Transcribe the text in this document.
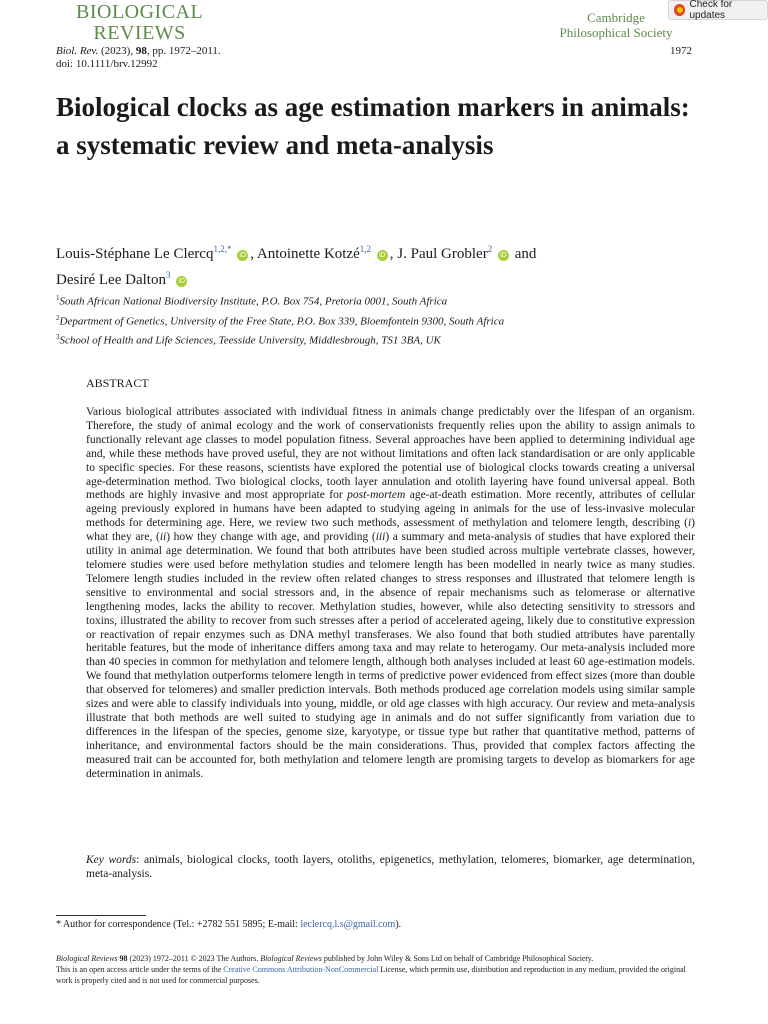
BIOLOGICAL
REVIEWS
Cambridge
Philosophical Society
Check for updates
Biol. Rev. (2023), 98, pp. 1972–2011.
doi: 10.1111/brv.12992
1972
Biological clocks as age estimation markers in animals: a systematic review and meta-analysis
Louis-Stéphane Le Clercq$^{1,2,*}$ iD , Antoinette Kotzé$^{1,2}$ iD , J. Paul Grobler$^2$ iD and
Desiré Lee Dalton$^3$ iD
$^1$South African National Biodiversity Institute, P.O. Box 754, Pretoria 0001, South Africa
$^2$Department of Genetics, University of the Free State, P.O. Box 339, Bloemfontein 9300, South Africa
$^3$School of Health and Life Sciences, Teesside University, Middlesbrough, TS1 3BA, UK
ABSTRACT

Various biological attributes associated with individual fitness in animals change predictably over the lifespan of an organism. Therefore, the study of animal ecology and the work of conservationists frequently relies upon the ability to assign animals to functionally relevant age classes to model population fitness. Several approaches have been applied to determining individual age and, while these methods have proved useful, they are not without limitations and often lack standardisation or are only applicable to specific species. For these reasons, scientists have explored the potential use of biological clocks towards creating a universal age-determination method. Two biological clocks, tooth layer annulation and otolith layering have found universal appeal. Both methods are highly invasive and most appropriate for post-mortem age-at-death estimation. More recently, attributes of cellular ageing previously explored in humans have been adapted to studying ageing in animals for the use of less-invasive molecular methods for determining age. Here, we review two such methods, assessment of methylation and telomere length, describing (i) what they are, (ii) how they change with age, and providing (iii) a summary and meta-analysis of studies that have explored their utility in animal age determination. We found that both attributes have been studied across multiple vertebrate classes, however, telomere studies were used before methylation studies and telomere length has been modelled in nearly twice as many studies. Telomere length studies included in the review often related changes to stress responses and illustrated that telomere length is sensitive to environmental and social stressors and, in the absence of repair mechanisms such as telomerase or alternative lengthening modes, lacks the ability to recover. Methylation studies, however, while also detecting sensitivity to stressors and toxins, illustrated the ability to recover from such stresses after a period of accelerated ageing, likely due to constitutive expression or reactivation of repair enzymes such as DNA methyl transferases. We also found that both studied attributes have parentally heritable features, but the mode of inheritance differs among taxa and may relate to heterogamy. Our meta-analysis included more than 40 species in common for methylation and telomere length, although both analyses included at least 60 age-estimation models. We found that methylation outperforms telomere length in terms of predictive power evidenced from effect sizes (more than double that observed for telomeres) and smaller prediction intervals. Both methods produced age correlation models using similar sample sizes and were able to classify individuals into young, middle, or old age classes with high accuracy. Our review and meta-analysis illustrate that both methods are well suited to studying age in animals and do not suffer significantly from variation due to differences in the lifespan of the species, genome size, karyotype, or tissue type but rather that quantitative method, patterns of inheritance, and environmental factors should be the main considerations. Thus, provided that complex factors affecting the measured trait can be accounted for, both methylation and telomere length are promising targets to develop as biomarkers for age determination in animals.

Key words: animals, biological clocks, tooth layers, otoliths, epigenetics, methylation, telomeres, biomarker, age determination, meta-analysis.

* Author for correspondence (Tel.: +2782 551 5895; E-mail: leclercq.l.s@gmail.com).
Biological Reviews 98 (2023) 1972–2011 © 2023 The Authors. Biological Reviews published by John Wiley & Sons Ltd on behalf of Cambridge Philosophical Society.
This is an open access article under the terms of the Creative Commons Attribution-NonCommercial License, which permits use, distribution and reproduction in any medium, provided the original work is properly cited and is not used for commercial purposes.
